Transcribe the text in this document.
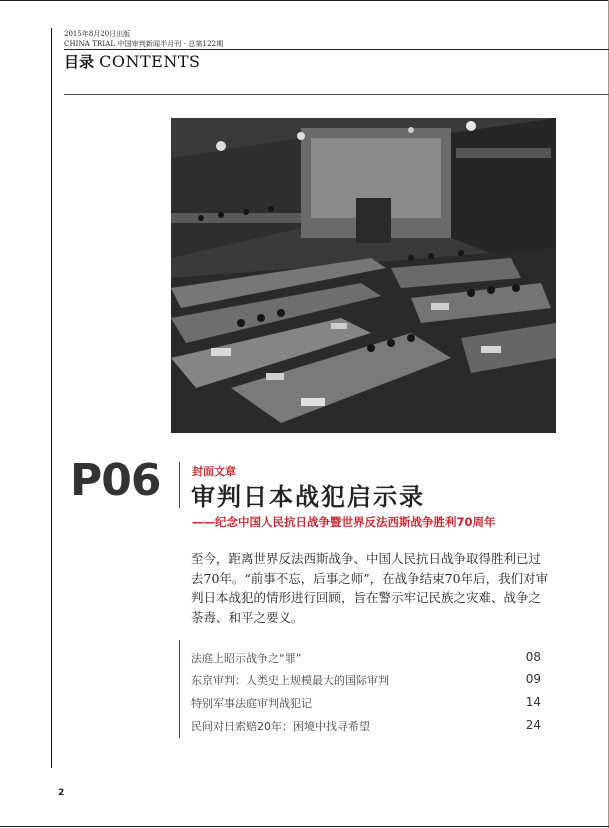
2015年8月20日出版
CHINA TRIAL 中国审判新闻半月刊 · 总第122期
目录 CONTENTS
P06	封面文章
审判日本战犯启示录
——纪念中国人民抗日战争暨世界反法西斯战争胜利70周年
至今，距离世界反法西斯战争、中国人民抗日战争取得胜利已过去70年。“前事不忘，后事之师”，在战争结束70年后，我们对审判日本战犯的情形进行回顾，旨在警示牢记民族之灾难、战争之荼毒、和平之要义。
法庭上昭示战争之“罪”	08
东京审判：人类史上规模最大的国际审判	09
特别军事法庭审判战犯记	14
民间对日索赔20年：困境中找寻希望	24
2
